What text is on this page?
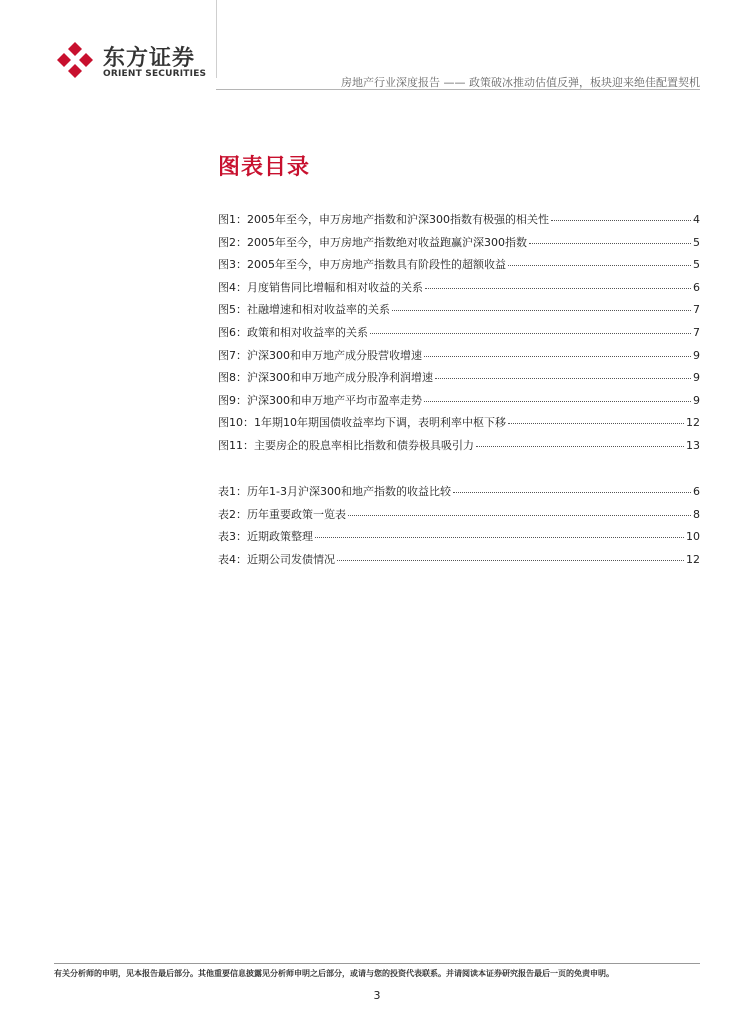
东方证券
ORIENT SECURITIES
房地产行业深度报告 —— 政策破冰推动估值反弹，板块迎来绝佳配置契机
图表目录
图1：2005年至今，申万房地产指数和沪深300指数有极强的相关性	4
图2：2005年至今，申万房地产指数绝对收益跑赢沪深300指数	5
图3：2005年至今，申万房地产指数具有阶段性的超额收益	5
图4：月度销售同比增幅和相对收益的关系	6
图5：社融增速和相对收益率的关系	7
图6：政策和相对收益率的关系	7
图7：沪深300和申万地产成分股营收增速	9
图8：沪深300和申万地产成分股净利润增速	9
图9：沪深300和申万地产平均市盈率走势	9
图10：1年期10年期国债收益率均下调，表明利率中枢下移	12
图11：主要房企的股息率相比指数和债券极具吸引力	13
表1：历年1-3月沪深300和地产指数的收益比较	6
表2：历年重要政策一览表	8
表3：近期政策整理	10
表4：近期公司发债情况	12
有关分析师的申明，见本报告最后部分。其他重要信息披露见分析师申明之后部分，或请与您的投资代表联系。并请阅读本证券研究报告最后一页的免责申明。
3
